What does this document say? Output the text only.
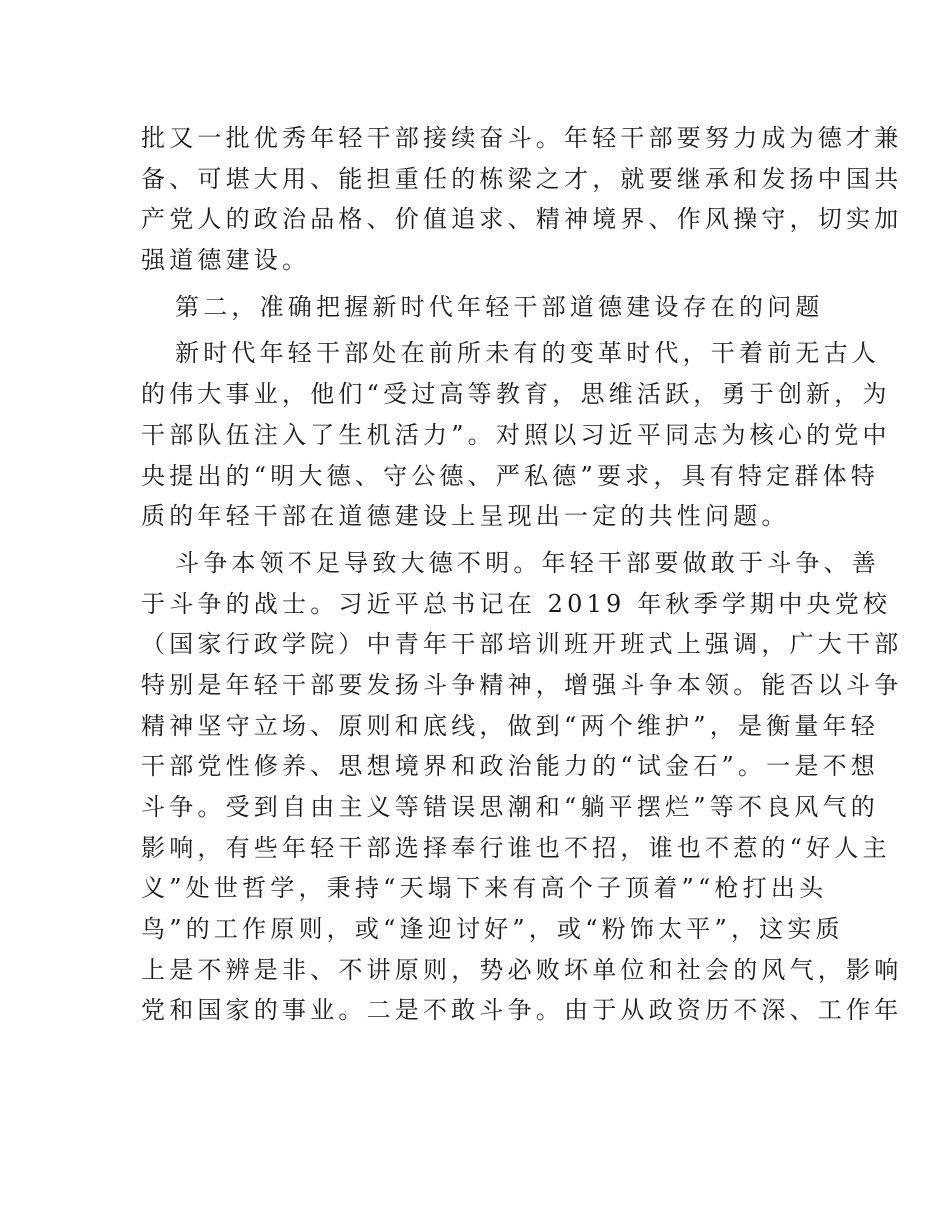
批又一批优秀年轻干部接续奋斗。年轻干部要努力成为德才兼
备、可堪大用、能担重任的栋梁之才，就要继承和发扬中国共
产党人的政治品格、价值追求、精神境界、作风操守，切实加
强道德建设。
第二，准确把握新时代年轻干部道德建设存在的问题
新时代年轻干部处在前所未有的变革时代，干着前无古人
的伟大事业，他们“受过高等教育，思维活跃，勇于创新，为
干部队伍注入了生机活力”。对照以习近平同志为核心的党中
央提出的“明大德、守公德、严私德”要求，具有特定群体特
质的年轻干部在道德建设上呈现出一定的共性问题。
斗争本领不足导致大德不明。年轻干部要做敢于斗争、善
于斗争的战士。习近平总书记在 2019 年秋季学期中央党校
（国家行政学院）中青年干部培训班开班式上强调，广大干部
特别是年轻干部要发扬斗争精神，增强斗争本领。能否以斗争
精神坚守立场、原则和底线，做到“两个维护”，是衡量年轻
干部党性修养、思想境界和政治能力的“试金石”。一是不想
斗争。受到自由主义等错误思潮和“躺平摆烂”等不良风气的
影响，有些年轻干部选择奉行谁也不招，谁也不惹的“好人主
义”处世哲学，秉持“天塌下来有高个子顶着”“枪打出头
鸟”的工作原则，或“逢迎讨好”，或“粉饰太平”，这实质
上是不辨是非、不讲原则，势必败坏单位和社会的风气，影响
党和国家的事业。二是不敢斗争。由于从政资历不深、工作年
